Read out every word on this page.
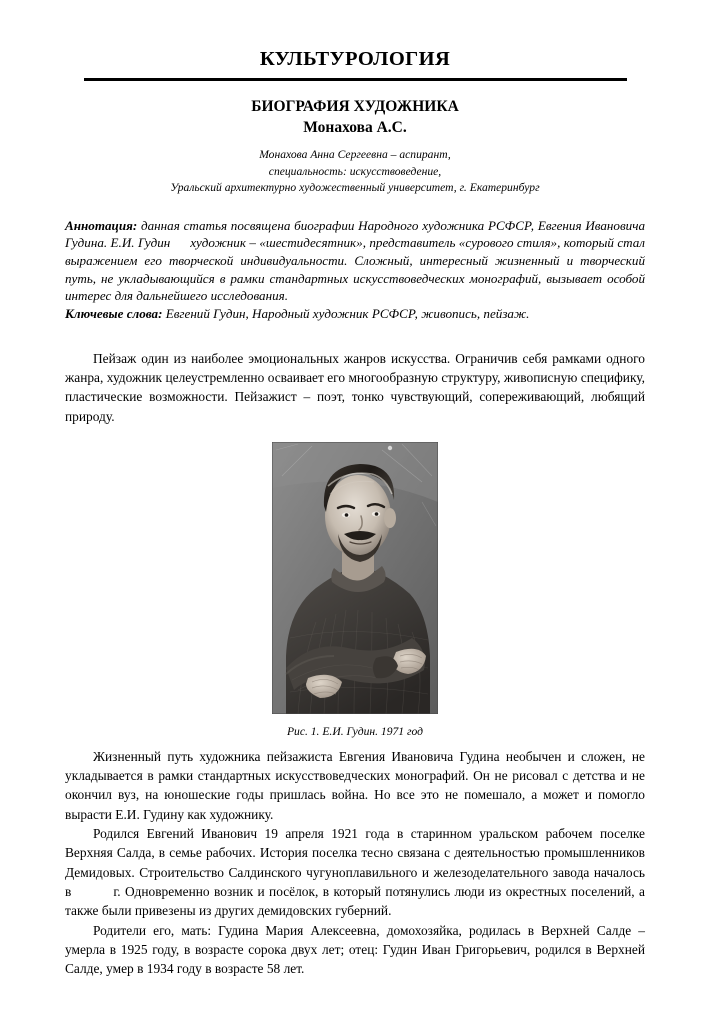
КУЛЬТУРОЛОГИЯ
БИОГРАФИЯ ХУДОЖНИКА
Монахова А.С.
Монахова Анна Сергеевна – аспирант,
специальность: искусствоведение,
Уральский архитектурно художественный университет, г. Екатеринбург

Аннотация: данная статья посвящена биографии Народного художника РСФСР, Евгения Ивановича Гудина. Е.И. Гудин   художник – «шестидесятник», представитель «сурового стиля», который стал выражением его творческой индивидуальности. Сложный, интересный жизненный и творческий путь, не укладывающийся в рамки стандартных искусствоведческих монографий, вызывает особой интерес для дальнейшего исследования.

Ключевые слова: Евгений Гудин, Народный художник РСФСР, живопись, пейзаж.

Пейзаж один из наиболее эмоциональных жанров искусства. Ограничив себя рамками одного жанра, художник целеустремленно осваивает его многообразную структуру, живописную специфику, пластические возможности. Пейзажист – поэт, тонко чувствующий, сопереживающий, любящий природу.

Рис. 1. Е.И. Гудин. 1971 год

Жизненный путь художника пейзажиста Евгения Ивановича Гудина необычен и сложен, не укладывается в рамки стандартных искусствоведческих монографий. Он не рисовал с детства и не окончил вуз, на юношеские годы пришлась война. Но все это не помешало, а может и помогло вырасти Е.И. Гудину как художнику.

Родился Евгений Иванович 19 апреля 1921 года в старинном уральском рабочем поселке Верхняя Салда, в семье рабочих. История поселка тесно связана с деятельностью промышленников Демидовых. Строительство Салдинского чугуноплавильного и железоделательного завода началось в	г. Одновременно возник и посёлок, в который потянулись люди из окрестных поселений, а также были привезены из других демидовских губерний.

Родители его, мать: Гудина Мария Алексеевна, домохозяйка, родилась в Верхней Салде – умерла в 1925 году, в возрасте сорока двух лет; отец: Гудин Иван Григорьевич, родился в Верхней Салде, умер в 1934 году в возрасте 58 лет.
